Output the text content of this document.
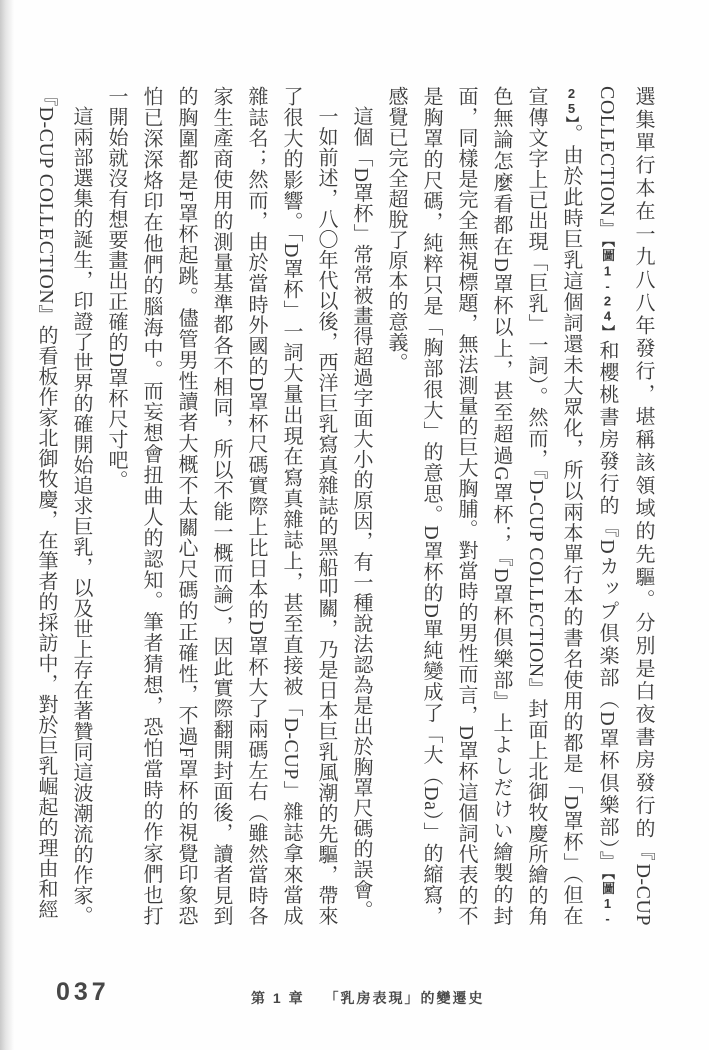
選集單行本在一九八八年發行，堪稱該領域的先驅。分別是白夜書房發行的『D-CUP COLLECTION』【圖1-24】和櫻桃書房發行的『Dカップ倶楽部（D罩杯倶樂部）』【圖1-25】。由於此時巨乳這個詞還未大眾化，所以兩本單行本的書名使用的都是「D罩杯」（但在宣傳文字上已出現「巨乳」一詞）。然而，『D-CUP COLLECTION』封面上北御牧慶所繪的角色無論怎麼看都在D罩杯以上，甚至超過G罩杯；『D罩杯倶樂部』上よしだけい繪製的封面，同樣是完全無視標題，無法測量的巨大胸脯。對當時的男性而言，D罩杯這個詞代表的不是胸罩的尺碼，純粹只是「胸部很大」的意思。D罩杯的D單純變成了「大（Da）」的縮寫，感覺已完全超脫了原本的意義。

這個「D罩杯」常常被畫得超過字面大小的原因，有一種說法認為是出於胸罩尺碼的誤會。

一如前述，八〇年代以後，西洋巨乳寫真雜誌的黑船叩關，乃是日本巨乳風潮的先驅，帶來了很大的影響。「D罩杯」一詞大量出現在寫真雜誌上，甚至直接被「D-CUP」雜誌拿來當成雜誌名；然而，由於當時外國的D罩杯尺碼實際上比日本的D罩杯大了兩碼左右（雖然當時各家生產商使用的測量基準都各不相同，所以不能一概而論），因此實際翻開封面後，讀者見到的胸圍都是F罩杯起跳。儘管男性讀者大概不太關心尺碼的正確性，不過F罩杯的視覺印象恐怕已深深烙印在他們的腦海中。而妄想會扭曲人的認知。筆者猜想，恐怕當時的作家們也打一開始就沒有想要畫出正確的D罩杯尺寸吧。

這兩部選集的誕生，印證了世界的確開始追求巨乳，以及世上存在著贊同這波潮流的作家。『D-CUP COLLECTION』的看板作家北御牧慶，在筆者的採訪中，對於巨乳崛起的理由和經

037	第 1 章 「乳房表現」的變遷史
